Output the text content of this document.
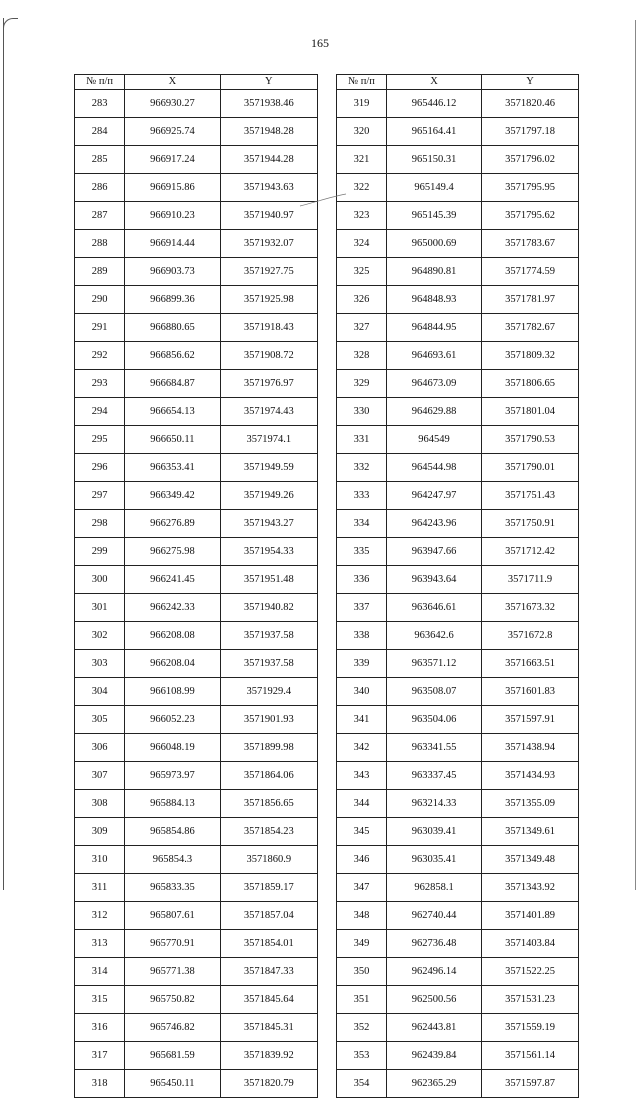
165
№ п/п	X	Y
283	966930.27	3571938.46
284	966925.74	3571948.28
285	966917.24	3571944.28
286	966915.86	3571943.63
287	966910.23	3571940.97
288	966914.44	3571932.07
289	966903.73	3571927.75
290	966899.36	3571925.98
291	966880.65	3571918.43
292	966856.62	3571908.72
293	966684.87	3571976.97
294	966654.13	3571974.43
295	966650.11	3571974.1
296	966353.41	3571949.59
297	966349.42	3571949.26
298	966276.89	3571943.27
299	966275.98	3571954.33
300	966241.45	3571951.48
301	966242.33	3571940.82
302	966208.08	3571937.58
303	966208.04	3571937.58
304	966108.99	3571929.4
305	966052.23	3571901.93
306	966048.19	3571899.98
307	965973.97	3571864.06
308	965884.13	3571856.65
309	965854.86	3571854.23
310	965854.3	3571860.9
311	965833.35	3571859.17
312	965807.61	3571857.04
313	965770.91	3571854.01
314	965771.38	3571847.33
315	965750.82	3571845.64
316	965746.82	3571845.31
317	965681.59	3571839.92
318	965450.11	3571820.79
№ п/п	X	Y
319	965446.12	3571820.46
320	965164.41	3571797.18
321	965150.31	3571796.02
322	965149.4	3571795.95
323	965145.39	3571795.62
324	965000.69	3571783.67
325	964890.81	3571774.59
326	964848.93	3571781.97
327	964844.95	3571782.67
328	964693.61	3571809.32
329	964673.09	3571806.65
330	964629.88	3571801.04
331	964549	3571790.53
332	964544.98	3571790.01
333	964247.97	3571751.43
334	964243.96	3571750.91
335	963947.66	3571712.42
336	963943.64	3571711.9
337	963646.61	3571673.32
338	963642.6	3571672.8
339	963571.12	3571663.51
340	963508.07	3571601.83
341	963504.06	3571597.91
342	963341.55	3571438.94
343	963337.45	3571434.93
344	963214.33	3571355.09
345	963039.41	3571349.61
346	963035.41	3571349.48
347	962858.1	3571343.92
348	962740.44	3571401.89
349	962736.48	3571403.84
350	962496.14	3571522.25
351	962500.56	3571531.23
352	962443.81	3571559.19
353	962439.84	3571561.14
354	962365.29	3571597.87
